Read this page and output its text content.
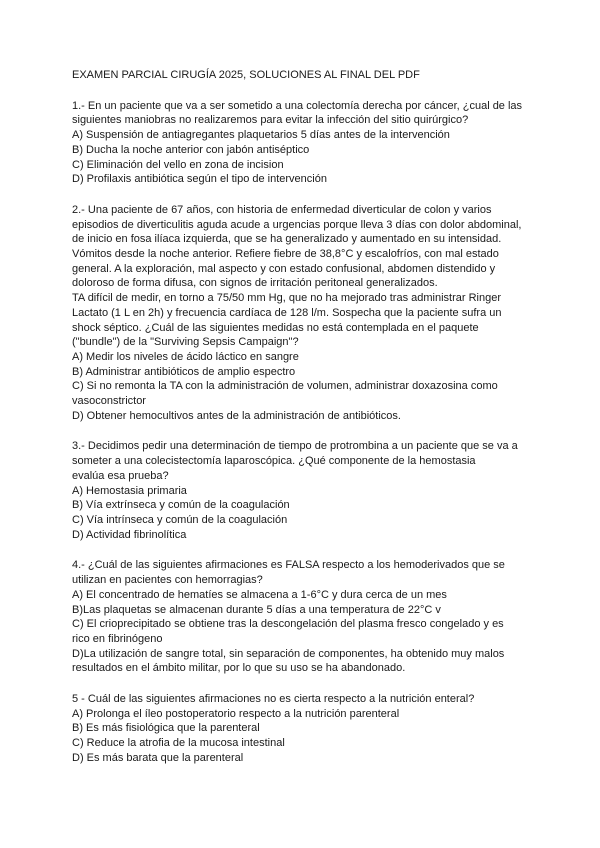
EXAMEN PARCIAL CIRUGÍA 2025, SOLUCIONES AL FINAL DEL PDF
1.- En un paciente que va a ser sometido a una colectomía derecha por cáncer, ¿cual de las
siguientes maniobras no realizaremos para evitar la infección del sitio quirúrgico?
A) Suspensión de antiagregantes plaquetarios 5 días antes de la intervención
B) Ducha la noche anterior con jabón antiséptico
C) Eliminación del vello en zona de incision
D) Profilaxis antibiótica según el tipo de intervención
2.- Una paciente de 67 años, con historia de enfermedad diverticular de colon y varios
episodios de diverticulitis aguda acude a urgencias porque lleva 3 días con dolor abdominal,
de inicio en fosa ilíaca izquierda, que se ha generalizado y aumentado en su intensidad.
Vómitos desde la noche anterior. Refiere fiebre de 38,8°C y escalofríos, con mal estado
general. A la exploración, mal aspecto y con estado confusional, abdomen distendido y
doloroso de forma difusa, con signos de irritación peritoneal generalizados.
TA difícil de medir, en torno a 75/50 mm Hg, que no ha mejorado tras administrar Ringer
Lactato (1 L en 2h) y frecuencia cardíaca de 128 l/m. Sospecha que la paciente sufra un
shock séptico. ¿Cuál de las siguientes medidas no está contemplada en el paquete
("bundle") de la "Surviving Sepsis Campaign"?
A) Medir los niveles de ácido láctico en sangre
B) Administrar antibióticos de amplio espectro
C) Si no remonta la TA con la administración de volumen, administrar doxazosina como
vasoconstrictor
D) Obtener hemocultivos antes de la administración de antibióticos.
3.- Decidimos pedir una determinación de tiempo de protrombina a un paciente que se va a
someter a una colecistectomía laparoscópica. ¿Qué componente de la hemostasia
evalúa esa prueba?
A) Hemostasia primaria
B) Vía extrínseca y común de la coagulación
C) Vía intrínseca y común de la coagulación
D) Actividad fibrinolítica
4.- ¿Cuál de las siguientes afirmaciones es FALSA respecto a los hemoderivados que se
utilizan en pacientes con hemorragias?
A) El concentrado de hematíes se almacena a 1-6°C y dura cerca de un mes
B)Las plaquetas se almacenan durante 5 días a una temperatura de 22°C v
C) El crioprecipitado se obtiene tras la descongelación del plasma fresco congelado y es
rico en fibrinógeno
D)La utilización de sangre total, sin separación de componentes, ha obtenido muy malos
resultados en el ámbito militar, por lo que su uso se ha abandonado.
5 - Cuál de las siguientes afirmaciones no es cierta respecto a la nutrición enteral?
A) Prolonga el íleo postoperatorio respecto a la nutrición parenteral
B) Es más fisiológica que la parenteral
C) Reduce la atrofia de la mucosa intestinal
D) Es más barata que la parenteral
